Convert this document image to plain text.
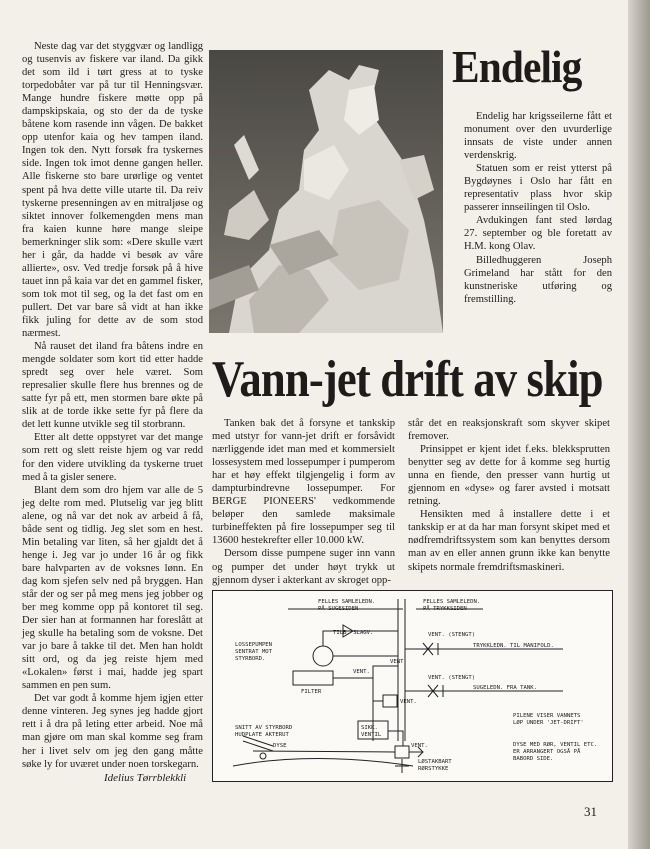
Neste dag var det styggvær og landligg og tusenvis av fiskere var iland. Da gikk det som ild i tørt gress at to tyske torpedobåter var på tur til Henningsvær. Mange hundre fiskere møtte opp på dampskipskaia, og sto der da de tyske båtene kom rasende inn vågen. De bakket opp utenfor kaia og hev tampen iland. Ingen tok den. Nytt forsøk fra tyskernes side. Ingen tok imot denne gangen heller. Alle fiskerne sto bare urørlige og ventet spent på hva dette ville utarte til. Da reiv tyskerne presenningen av en mitraljøse og siktet innover folkemengden mens man fra kaien kunne høre mange sleipe bemerkninger slik som: «Dere skulle vært her i går, da hadde vi besøk av våre allierte», osv. Ved tredje forsøk på å hive tauet inn på kaia var det en gammel fisker, som tok mot til seg, og la det fast om en pullert. Det var bare så vidt at han ikke fikk juling for dette av de som stod nærmest.

Nå rauset det iland fra båtens indre en mengde soldater som kort tid etter hadde spredt seg over hele været. Som represalier skulle flere hus brennes og de satte fyr på ett, men stormen bare økte på slik at de torde ikke sette fyr på flere da det lett kunne utvikle seg til storbrann.

Etter alt dette oppstyret var det mange som rett og slett reiste hjem og var redd for den videre utvikling da tyskerne truet med å ta gisler senere.

Blant dem som dro hjem var alle de 5 jeg delte rom med. Plutselig var jeg blitt alene, og nå var det nok av arbeid å få, både sent og tidlig. Jeg slet som en hest. Min betaling var liten, så her gjaldt det å henge i. Jeg var jo under 16 år og fikk bare halvparten av de voksnes lønn. En dag kom sjefen selv ned på bryggen. Han står der og ser på meg mens jeg jobber og ber meg komme opp på kontoret til seg. Der sier han at formannen har foreslått at jeg skulle ha betaling som de voksne. Det var jo bare å takke til det. Men han holdt sitt ord, og da jeg reiste hjem med «Lokalen» først i mai, hadde jeg spart sammen en pen sum.

Det var godt å komme hjem igjen etter denne vinteren. Jeg synes jeg hadde gjort rett i å dra på leting etter arbeid. Noe må man gjøre om man skal komme seg fram her i livet selv om jeg den gang måtte søke ly for uværet under noen torskegarn.

Idelius Tørrblekkli
Endelig

Endelig har krigsseilerne fått et monument over den uvurderlige innsats de viste under annen verdenskrig.

Statuen som er reist ytterst på Bygdøynes i Oslo har fått en representativ plass hvor skip passerer innseilingen til Oslo.

Avdukingen fant sted lørdag 27. september og ble foretatt av H.M. kong Olav.

Billedhuggeren Joseph Grimeland har stått for den kunstneriske utføring og fremstilling.

Vann-jet drift av skip

Tanken bak det å forsyne et tankskip med utstyr for vann-jet drift er forsåvidt nærliggende idet man med et kommersielt lossesystem med lossepumper i pumperom har et høy effekt tilgjengelig i form av dampturbindrevne lossepumper. For BERGE PIONEERS' vedkommende beløper den samlede maksimale turbineffekten på fire lossepumper seg til 13600 hestekrefter eller 10.000 kW.

Dersom disse pumpene suger inn vann og pumper det under høyt trykk ut gjennom dyser i akterkant av skroget opp-

står det en reaksjonskraft som skyver skipet fremover.

Prinsippet er kjent idet f.eks. blekksprutten benytter seg av dette for å komme seg hurtig unna en fiende, den presser vann hurtig ut gjennom en «dyse» og farer avsted i motsatt retning.

Hensikten med å installere dette i et tankskip er at da har man forsynt skipet med et nødfremdriftssystem som kan benyttes dersom man av en eller annen grunn ikke kan benytte skipets normale fremdriftsmaskineri.

FELLES SAMLELEDN.
PÅ SUGESIDEN
FELLES SAMLELEDN.
PÅ TRYKKSIDEN
TILB. SLAGV.	VENT. (STENGT)
TRYKKLEDN. TIL MANIFOLD.
LOSSEPUMPEN
SENTRAT MOT
STYRBORD.
VENT. (STENGT)
SUGELEDN. FRA TANK.
FILTER
VENT.
VENT.
VENT.
VENT.
SIKK.
VENTIL
DYSE
SNITT AV STYRBORD
HUDPLATE AKTERUT
LØSTAKBART
RØRSTYKKE
PILENE VISER VANNETS
LØP UNDER 'JET-DRIFT'
DYSE MED RØR, VENTIL ETC.
ER ARRANGERT OGSÅ PÅ
BABORD SIDE.
31
